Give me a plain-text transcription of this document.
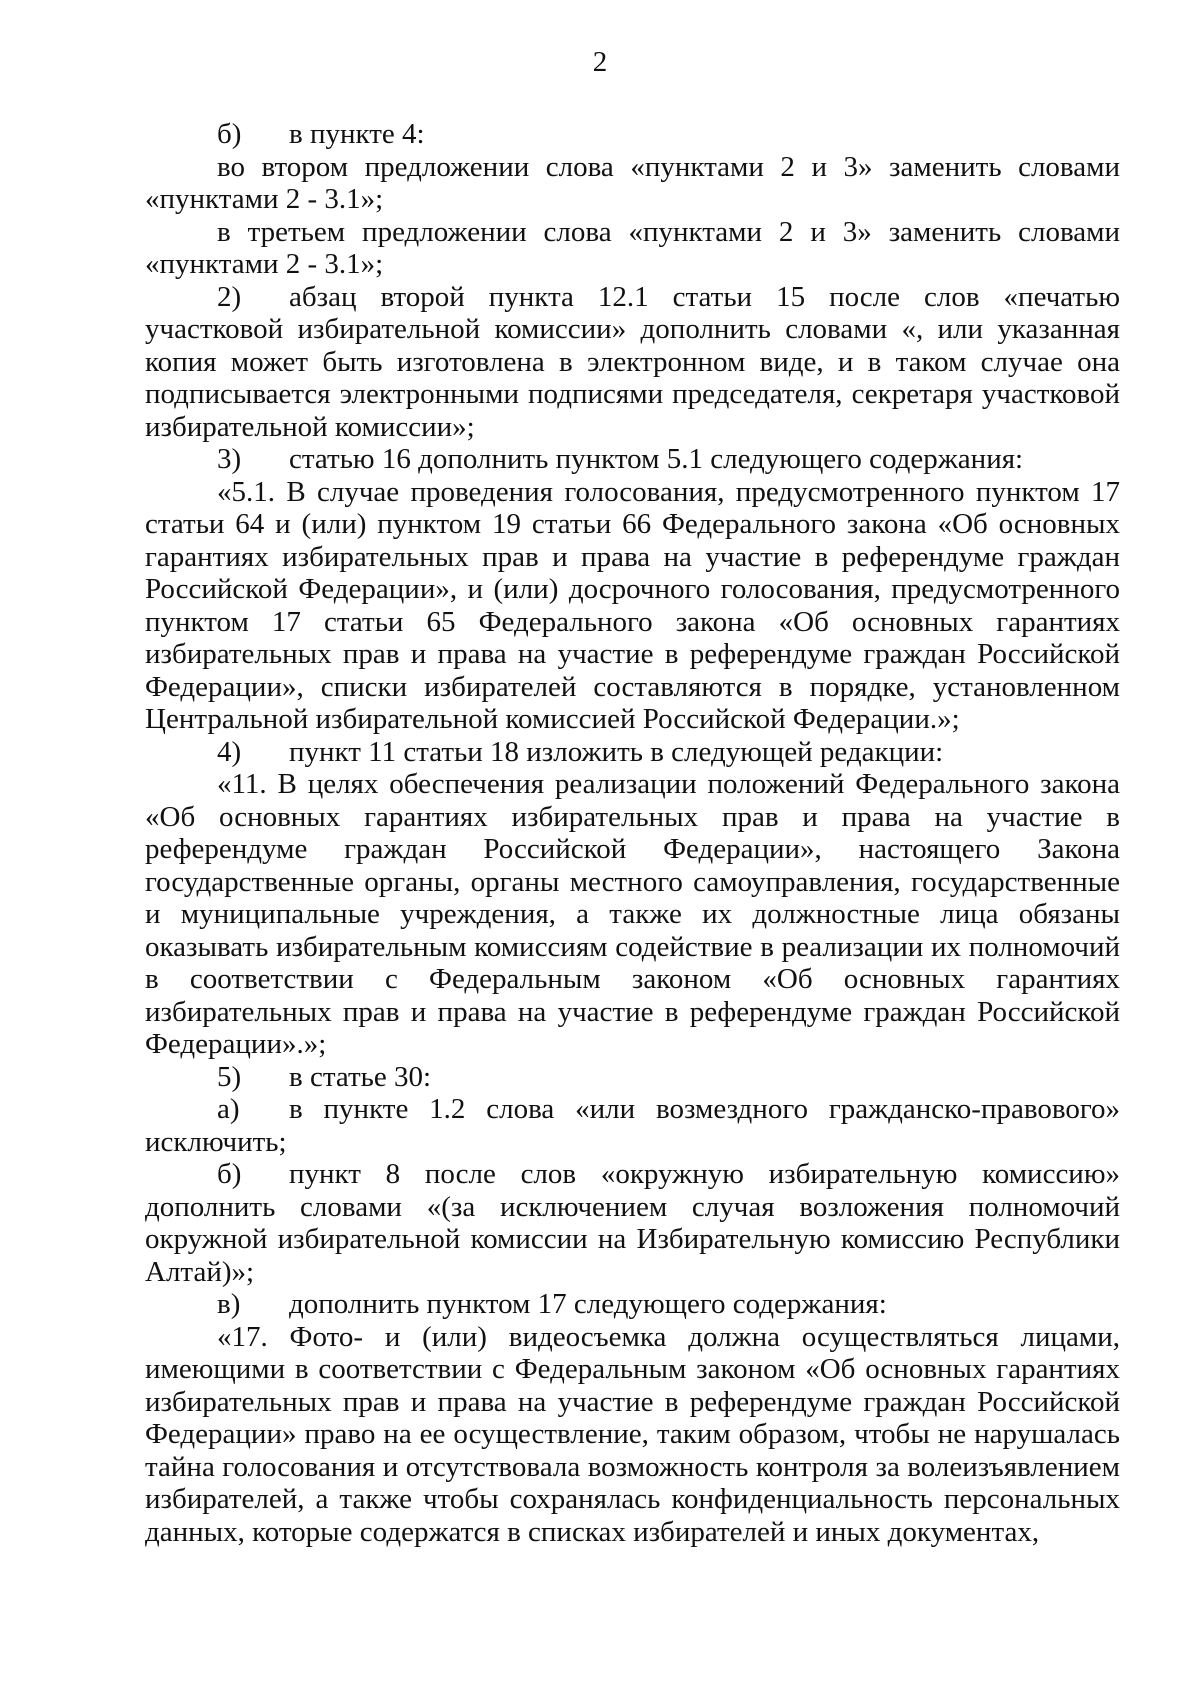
2

б) в пункте 4:

во втором предложении слова «пунктами 2 и 3» заменить словами «пунктами 2 - 3.1»;

в третьем предложении слова «пунктами 2 и 3» заменить словами «пунктами 2 - 3.1»;

2) абзац второй пункта 12.1 статьи 15 после слов «печатью участковой избирательной комиссии» дополнить словами «, или указанная копия может быть изготовлена в электронном виде, и в таком случае она подписывается электронными подписями председателя, секретаря участковой избирательной комиссии»;

3) статью 16 дополнить пунктом 5.1 следующего содержания:

«5.1. В случае проведения голосования, предусмотренного пунктом 17 статьи 64 и (или) пунктом 19 статьи 66 Федерального закона «Об основных гарантиях избирательных прав и права на участие в референдуме граждан Российской Федерации», и (или) досрочного голосования, предусмотренного пунктом 17 статьи 65 Федерального закона «Об основных гарантиях избирательных прав и права на участие в референдуме граждан Российской Федерации», списки избирателей составляются в порядке, установленном Центральной избирательной комиссией Российской Федерации.»;

4) пункт 11 статьи 18 изложить в следующей редакции:

«11. В целях обеспечения реализации положений Федерального закона «Об основных гарантиях избирательных прав и права на участие в референдуме граждан Российской Федерации», настоящего Закона государственные органы, органы местного самоуправления, государственные и муниципальные учреждения, а также их должностные лица обязаны оказывать избирательным комиссиям содействие в реализации их полномочий в соответствии с Федеральным законом «Об основных гарантиях избирательных прав и права на участие в референдуме граждан Российской Федерации».»;

5) в статье 30:

а) в пункте 1.2 слова «или возмездного гражданско-правового» исключить;

б) пункт 8 после слов «окружную избирательную комиссию» дополнить словами «(за исключением случая возложения полномочий окружной избирательной комиссии на Избирательную комиссию Республики Алтай)»;

в) дополнить пунктом 17 следующего содержания:

«17. Фото- и (или) видеосъемка должна осуществляться лицами, имеющими в соответствии с Федеральным законом «Об основных гарантиях избирательных прав и права на участие в референдуме граждан Российской Федерации» право на ее осуществление, таким образом, чтобы не нарушалась тайна голосования и отсутствовала возможность контроля за волеизъявлением избирателей, а также чтобы сохранялась конфиденциальность персональных данных, которые содержатся в списках избирателей и иных документах,
